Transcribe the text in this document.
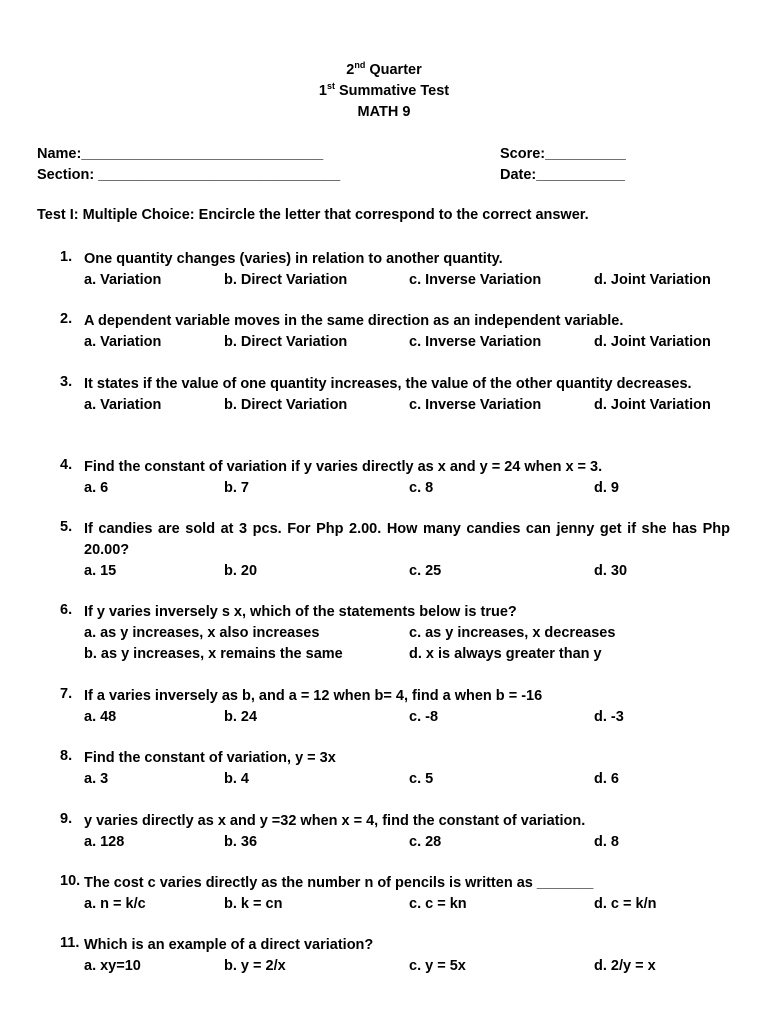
2nd Quarter
1st Summative Test
MATH 9
Name:______________________________
Section: ______________________________
Score:__________
Date:___________
Test I: Multiple Choice: Encircle the letter that correspond to the correct answer.
1. One quantity changes (varies) in relation to another quantity.
a. Variation	b. Direct Variation	c. Inverse Variation	d. Joint Variation
2. A dependent variable moves in the same direction as an independent variable.
a. Variation	b. Direct Variation	c. Inverse Variation	d. Joint Variation
3. It states if the value of one quantity increases, the value of the other quantity decreases.
a. Variation	b. Direct Variation	c. Inverse Variation	d. Joint Variation
4. Find the constant of variation if y varies directly as x and y = 24 when x = 3.
a. 6	b. 7	c. 8	d. 9
5. If candies are sold at 3 pcs. For Php 2.00. How many candies can jenny get if she has Php 20.00?
a. 15	b. 20	c. 25	d. 30
6. If y varies inversely s x, which of the statements below is true?
a. as y increases, x also increases	c. as y increases, x decreases
b. as y increases, x remains the same	d. x is always greater than y
7. If a varies inversely as b, and a = 12 when b= 4, find a when b = -16
a. 48	b. 24	c. -8	d. -3
8. Find the constant of variation, y = 3x
a. 3	b. 4	c. 5	d. 6
9. y varies directly as x and y =32 when x = 4, find the constant of variation.
a. 128	b. 36	c. 28	d. 8
10. The cost c varies directly as the number n of pencils is written as _______
a. n = k/c	b. k = cn	c. c = kn	d. c = k/n
11. Which is an example of a direct variation?
a. xy=10	b. y = 2/x	c. y = 5x	d. 2/y = x
